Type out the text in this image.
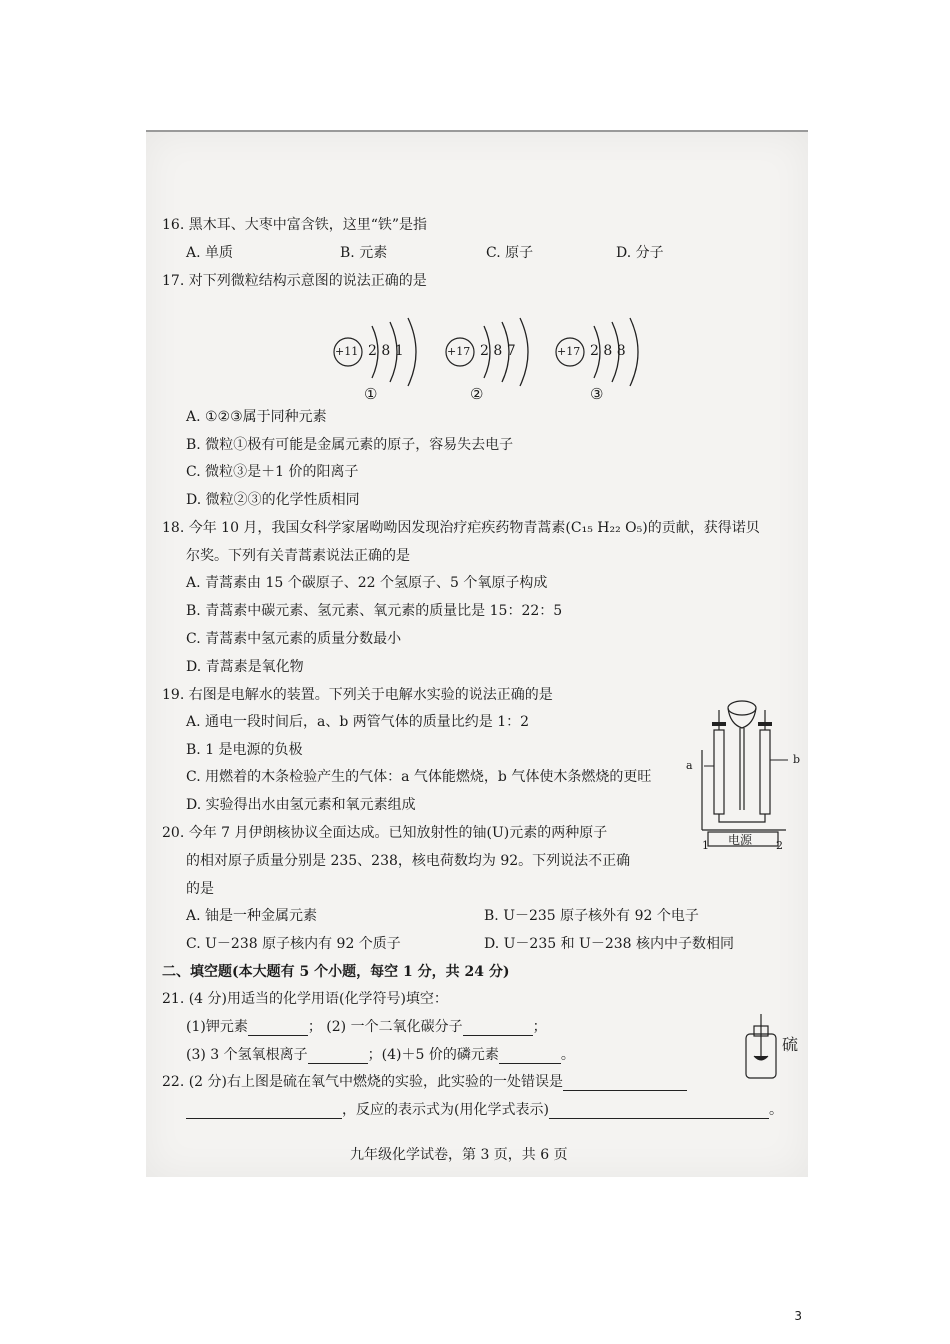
16. 黑木耳、大枣中富含铁，这里“铁”是指
A. 单质	B. 元素	C. 原子	D. 分子
17. 对下列微粒结构示意图的说法正确的是
+11 2 8 1
①
+17 2 8 7
②
+17 2 8 8
③
A. ①②③属于同种元素
B. 微粒①极有可能是金属元素的原子，容易失去电子
C. 微粒③是＋1 价的阳离子
D. 微粒②③的化学性质相同
18. 今年 10 月，我国女科学家屠呦呦因发现治疗疟疾药物青蒿素(C₁₅ H₂₂ O₅)的贡献，获得诺贝
尔奖。下列有关青蒿素说法正确的是
A. 青蒿素由 15 个碳原子、22 个氢原子、5 个氧原子构成
B. 青蒿素中碳元素、氢元素、氧元素的质量比是 15：22：5
C. 青蒿素中氢元素的质量分数最小
D. 青蒿素是氧化物
19. 右图是电解水的装置。下列关于电解水实验的说法正确的是
A. 通电一段时间后，a、b 两管气体的质量比约是 1：2
B. 1 是电源的负极
C. 用燃着的木条检验产生的气体：a 气体能燃烧，b 气体使木条燃烧的更旺
D. 实验得出水由氢元素和氧元素组成
a	b
电源
1	2
20. 今年 7 月伊朗核协议全面达成。已知放射性的铀(U)元素的两种原子
的相对原子质量分别是 235、238，核电荷数均为 92。下列说法不正确
的是
A. 铀是一种金属元素	B. U－235 原子核外有 92 个电子
C. U－238 原子核内有 92 个质子	D. U－235 和 U－238 核内中子数相同
二、填空题(本大题有 5 个小题，每空 1 分，共 24 分)
21. (4 分)用适当的化学用语(化学符号)填空：
(1)钾元素	； (2) 一个二氧化碳分子	；
(3) 3 个氢氧根离子	；(4)＋5 价的磷元素	。
硫
22. (2 分)右上图是硫在氧气中燃烧的实验，此实验的一处错误是
，反应的表示式为(用化学式表示)	。
九年级化学试卷，第 3 页，共 6 页
3
